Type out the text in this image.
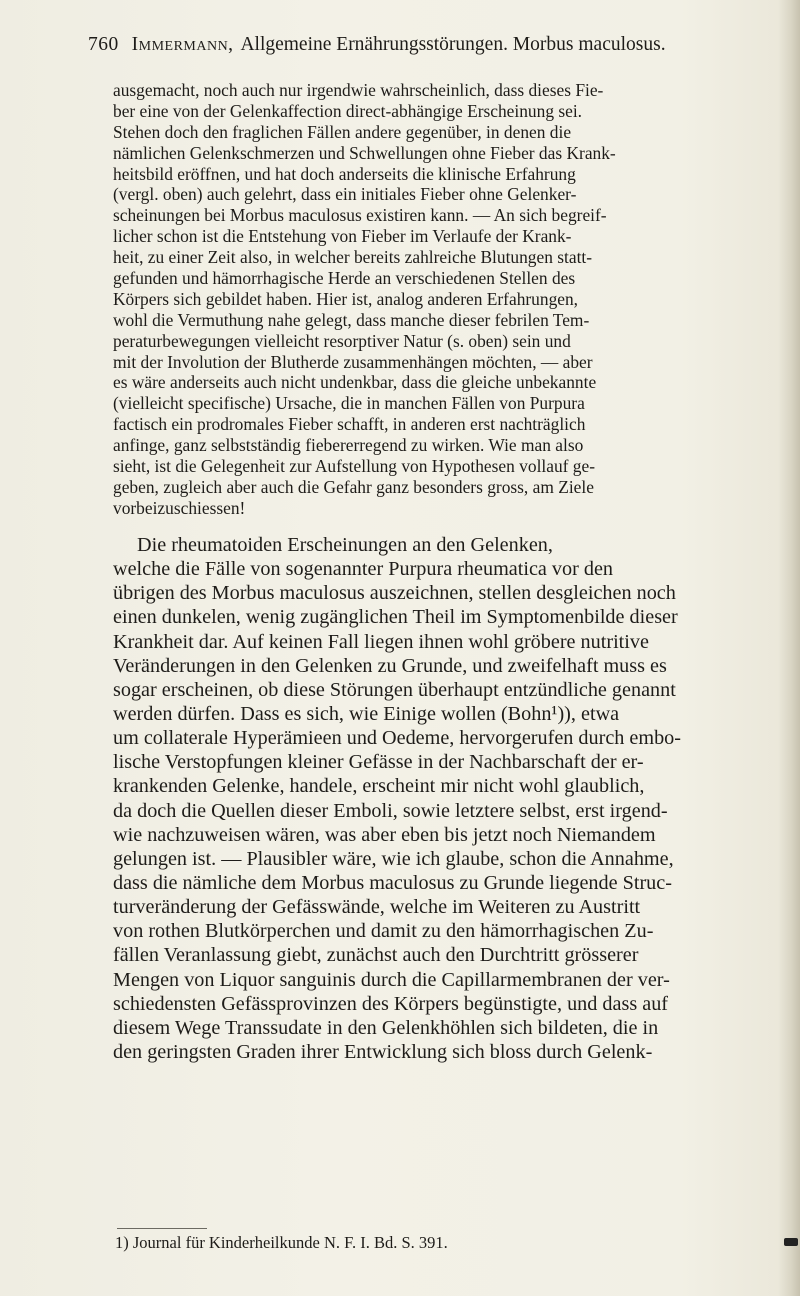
760 Immermann, Allgemeine Ernährungsstörungen. Morbus maculosus.
ausgemacht, noch auch nur irgendwie wahrscheinlich, dass dieses Fie-
ber eine von der Gelenkaffection direct-abhängige Erscheinung sei.
Stehen doch den fraglichen Fällen andere gegenüber, in denen die
nämlichen Gelenkschmerzen und Schwellungen ohne Fieber das Krank-
heitsbild eröffnen, und hat doch anderseits die klinische Erfahrung
(vergl. oben) auch gelehrt, dass ein initiales Fieber ohne Gelenker-
scheinungen bei Morbus maculosus existiren kann. — An sich begreif-
licher schon ist die Entstehung von Fieber im Verlaufe der Krank-
heit, zu einer Zeit also, in welcher bereits zahlreiche Blutungen statt-
gefunden und hämorrhagische Herde an verschiedenen Stellen des
Körpers sich gebildet haben. Hier ist, analog anderen Erfahrungen,
wohl die Vermuthung nahe gelegt, dass manche dieser febrilen Tem-
peraturbewegungen vielleicht resorptiver Natur (s. oben) sein und
mit der Involution der Blutherde zusammenhängen möchten, — aber
es wäre anderseits auch nicht undenkbar, dass die gleiche unbekannte
(vielleicht specifische) Ursache, die in manchen Fällen von Purpura
factisch ein prodromales Fieber schafft, in anderen erst nachträglich
anfinge, ganz selbstständig fiebererregend zu wirken. Wie man also
sieht, ist die Gelegenheit zur Aufstellung von Hypothesen vollauf ge-
geben, zugleich aber auch die Gefahr ganz besonders gross, am Ziele
vorbeizuschiessen!
Die rheumatoiden Erscheinungen an den Gelenken,
welche die Fälle von sogenannter Purpura rheumatica vor den
übrigen des Morbus maculosus auszeichnen, stellen desgleichen noch
einen dunkelen, wenig zugänglichen Theil im Symptomenbilde dieser
Krankheit dar. Auf keinen Fall liegen ihnen wohl gröbere nutritive
Veränderungen in den Gelenken zu Grunde, und zweifelhaft muss es
sogar erscheinen, ob diese Störungen überhaupt entzündliche genannt
werden dürfen. Dass es sich, wie Einige wollen (Bohn¹)), etwa
um collaterale Hyperämieen und Oedeme, hervorgerufen durch embo-
lische Verstopfungen kleiner Gefässe in der Nachbarschaft der er-
krankenden Gelenke, handele, erscheint mir nicht wohl glaublich,
da doch die Quellen dieser Emboli, sowie letztere selbst, erst irgend-
wie nachzuweisen wären, was aber eben bis jetzt noch Niemandem
gelungen ist. — Plausibler wäre, wie ich glaube, schon die Annahme,
dass die nämliche dem Morbus maculosus zu Grunde liegende Struc-
turveränderung der Gefässwände, welche im Weiteren zu Austritt
von rothen Blutkörperchen und damit zu den hämorrhagischen Zu-
fällen Veranlassung giebt, zunächst auch den Durchtritt grösserer
Mengen von Liquor sanguinis durch die Capillarmembranen der ver-
schiedensten Gefässprovinzen des Körpers begünstigte, und dass auf
diesem Wege Transsudate in den Gelenkhöhlen sich bildeten, die in
den geringsten Graden ihrer Entwicklung sich bloss durch Gelenk-
1) Journal für Kinderheilkunde N. F. I. Bd. S. 391.
